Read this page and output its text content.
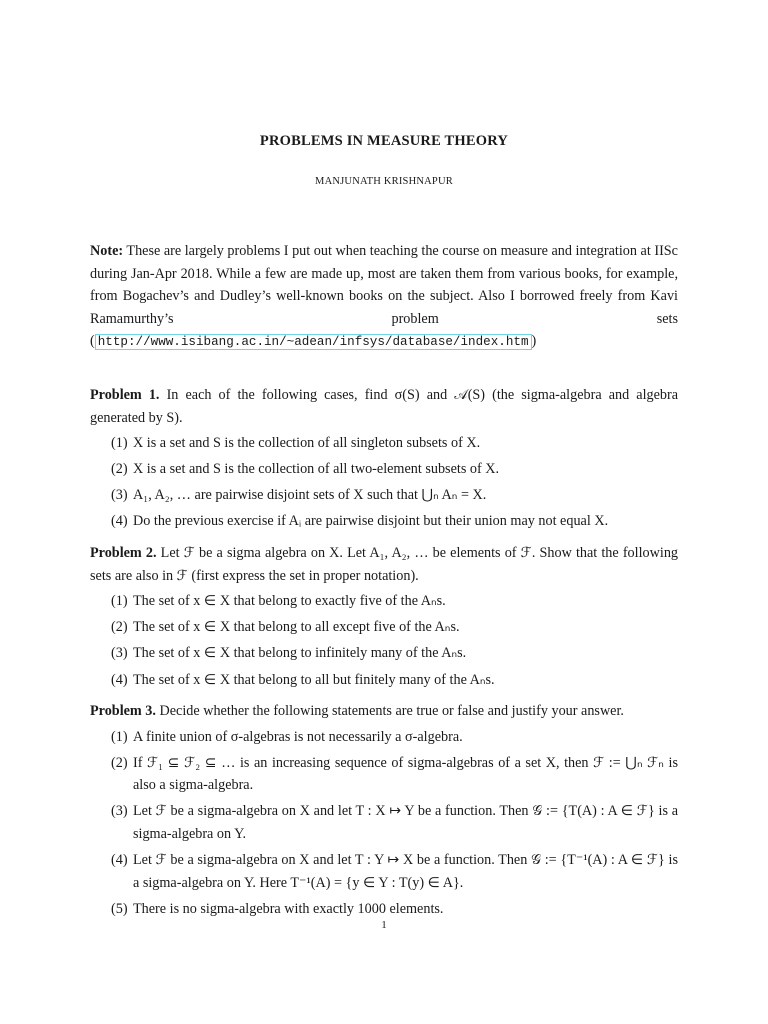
PROBLEMS IN MEASURE THEORY
MANJUNATH KRISHNAPUR

Note: These are largely problems I put out when teaching the course on measure and integration at IISc during Jan-Apr 2018. While a few are made up, most are taken them from various books, for example, from Bogachev’s and Dudley’s well-known books on the subject. Also I borrowed freely from Kavi Ramamurthy’s problem sets ( http://www.isibang.ac.in/~adean/infsys/database/index.htm )

Problem 1. In each of the following cases, find σ(S) and 𝒜(S) (the sigma-algebra and algebra generated by S).

(1) X is a set and S is the collection of all singleton subsets of X.
(2) X is a set and S is the collection of all two-element subsets of X.
(3) A₁, A₂, … are pairwise disjoint sets of X such that ⋃ₙ Aₙ = X.
(4) Do the previous exercise if Aᵢ are pairwise disjoint but their union may not equal X.

Problem 2. Let ℱ be a sigma algebra on X. Let A₁, A₂, … be elements of ℱ. Show that the following sets are also in ℱ (first express the set in proper notation).

(1) The set of x ∈ X that belong to exactly five of the Aₙs.
(2) The set of x ∈ X that belong to all except five of the Aₙs.
(3) The set of x ∈ X that belong to infinitely many of the Aₙs.
(4) The set of x ∈ X that belong to all but finitely many of the Aₙs.

Problem 3. Decide whether the following statements are true or false and justify your answer.

(1) A finite union of σ-algebras is not necessarily a σ-algebra.
(2) If ℱ₁ ⊆ ℱ₂ ⊆ … is an increasing sequence of sigma-algebras of a set X, then ℱ := ⋃ₙ ℱₙ is also a sigma-algebra.
(3) Let ℱ be a sigma-algebra on X and let T : X ↦ Y be a function. Then 𝒢 := {T(A) : A ∈ ℱ} is a sigma-algebra on Y.
(4) Let ℱ be a sigma-algebra on X and let T : Y ↦ X be a function. Then 𝒢 := {T⁻¹(A) : A ∈ ℱ} is a sigma-algebra on Y. Here T⁻¹(A) = {y ∈ Y : T(y) ∈ A}.
(5) There is no sigma-algebra with exactly 1000 elements.
1
